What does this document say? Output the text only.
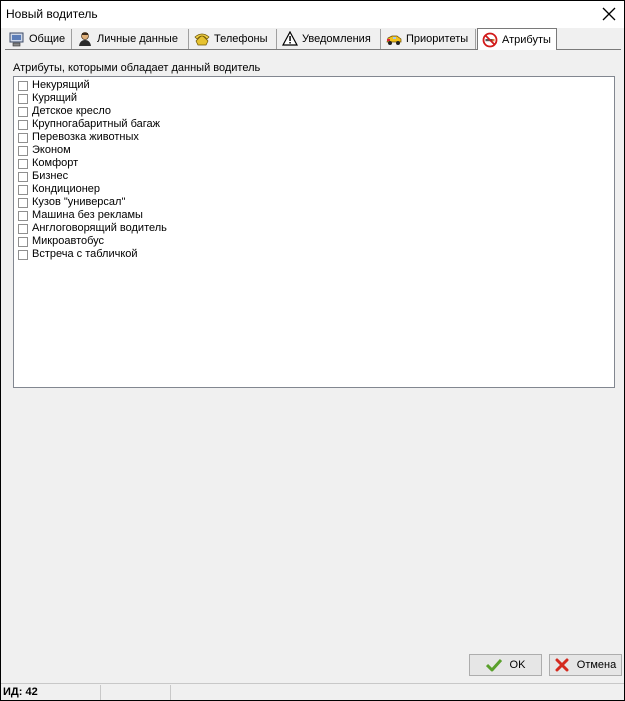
Новый водитель
Общие	Личные данные	Телефоны	Уведомления	Приоритеты	Атрибуты
Атрибуты, которыми обладает данный водитель
Некурящий
Курящий
Детское кресло
Крупногабаритный багаж
Перевозка животных
Эконом
Комфорт
Бизнес
Кондиционер
Кузов "универсал"
Машина без рекламы
Англоговорящий водитель
Микроавтобус
Встреча с табличкой
OK	Отмена
ИД: 42
